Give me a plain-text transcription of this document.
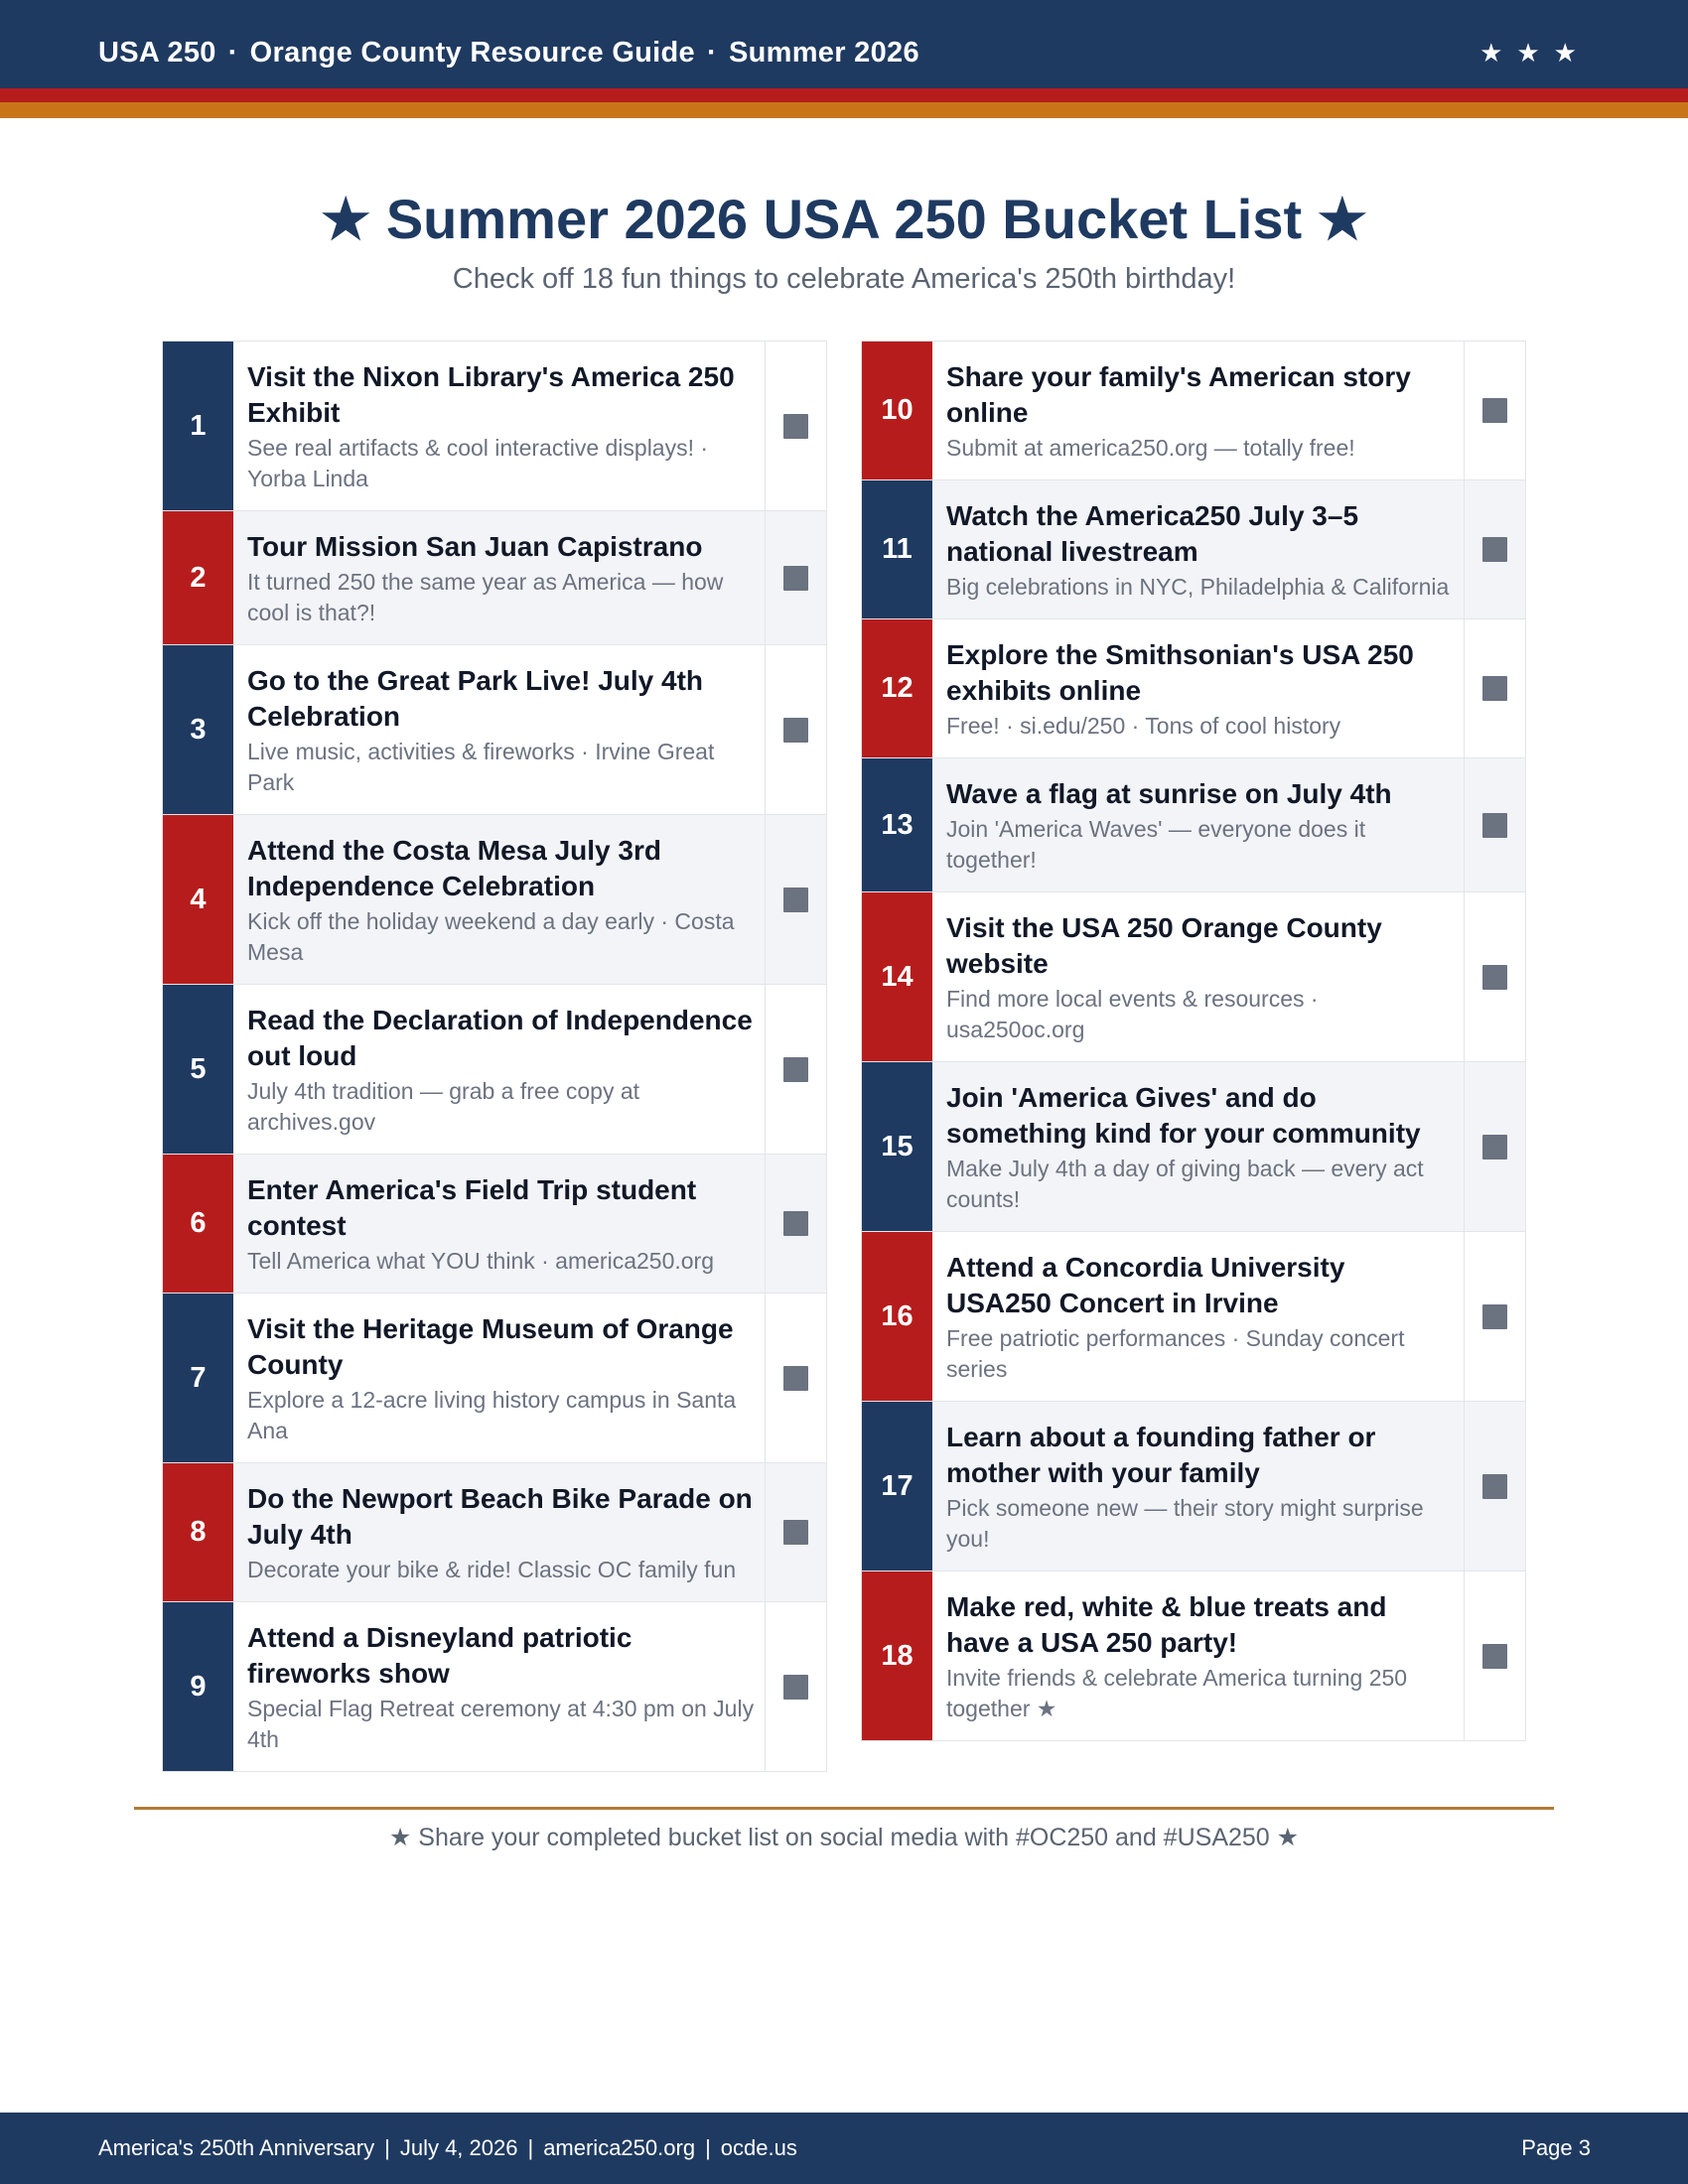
USA 250 · Orange County Resource Guide · Summer 2026	★★★
★ Summer 2026 USA 250 Bucket List ★
Check off 18 fun things to celebrate America's 250th birthday!
1
Visit the Nixon Library's America 250 Exhibit
See real artifacts & cool interactive displays! · Yorba Linda
2
Tour Mission San Juan Capistrano
It turned 250 the same year as America — how cool is that?!
3
Go to the Great Park Live! July 4th Celebration
Live music, activities & fireworks · Irvine Great Park
4
Attend the Costa Mesa July 3rd Independence Celebration
Kick off the holiday weekend a day early · Costa Mesa
5
Read the Declaration of Independence out loud
July 4th tradition — grab a free copy at archives.gov
6
Enter America's Field Trip student contest
Tell America what YOU think · america250.org
7
Visit the Heritage Museum of Orange County
Explore a 12-acre living history campus in Santa Ana
8
Do the Newport Beach Bike Parade on July 4th
Decorate your bike & ride! Classic OC family fun
9
Attend a Disneyland patriotic fireworks show
Special Flag Retreat ceremony at 4:30 pm on July 4th
10
Share your family's American story online
Submit at america250.org — totally free!
11
Watch the America250 July 3–5 national livestream
Big celebrations in NYC, Philadelphia & California
12
Explore the Smithsonian's USA 250 exhibits online
Free! · si.edu/250 · Tons of cool history
13
Wave a flag at sunrise on July 4th
Join 'America Waves' — everyone does it together!
14
Visit the USA 250 Orange County website
Find more local events & resources · usa250oc.org
15
Join 'America Gives' and do something kind for your community
Make July 4th a day of giving back — every act counts!
16
Attend a Concordia University USA250 Concert in Irvine
Free patriotic performances · Sunday concert series
17
Learn about a founding father or mother with your family
Pick someone new — their story might surprise you!
18
Make red, white & blue treats and have a USA 250 party!
Invite friends & celebrate America turning 250 together ★
★ Share your completed bucket list on social media with #OC250 and #USA250 ★
America's 250th Anniversary | July 4, 2026 | america250.org | ocde.us	Page 3
